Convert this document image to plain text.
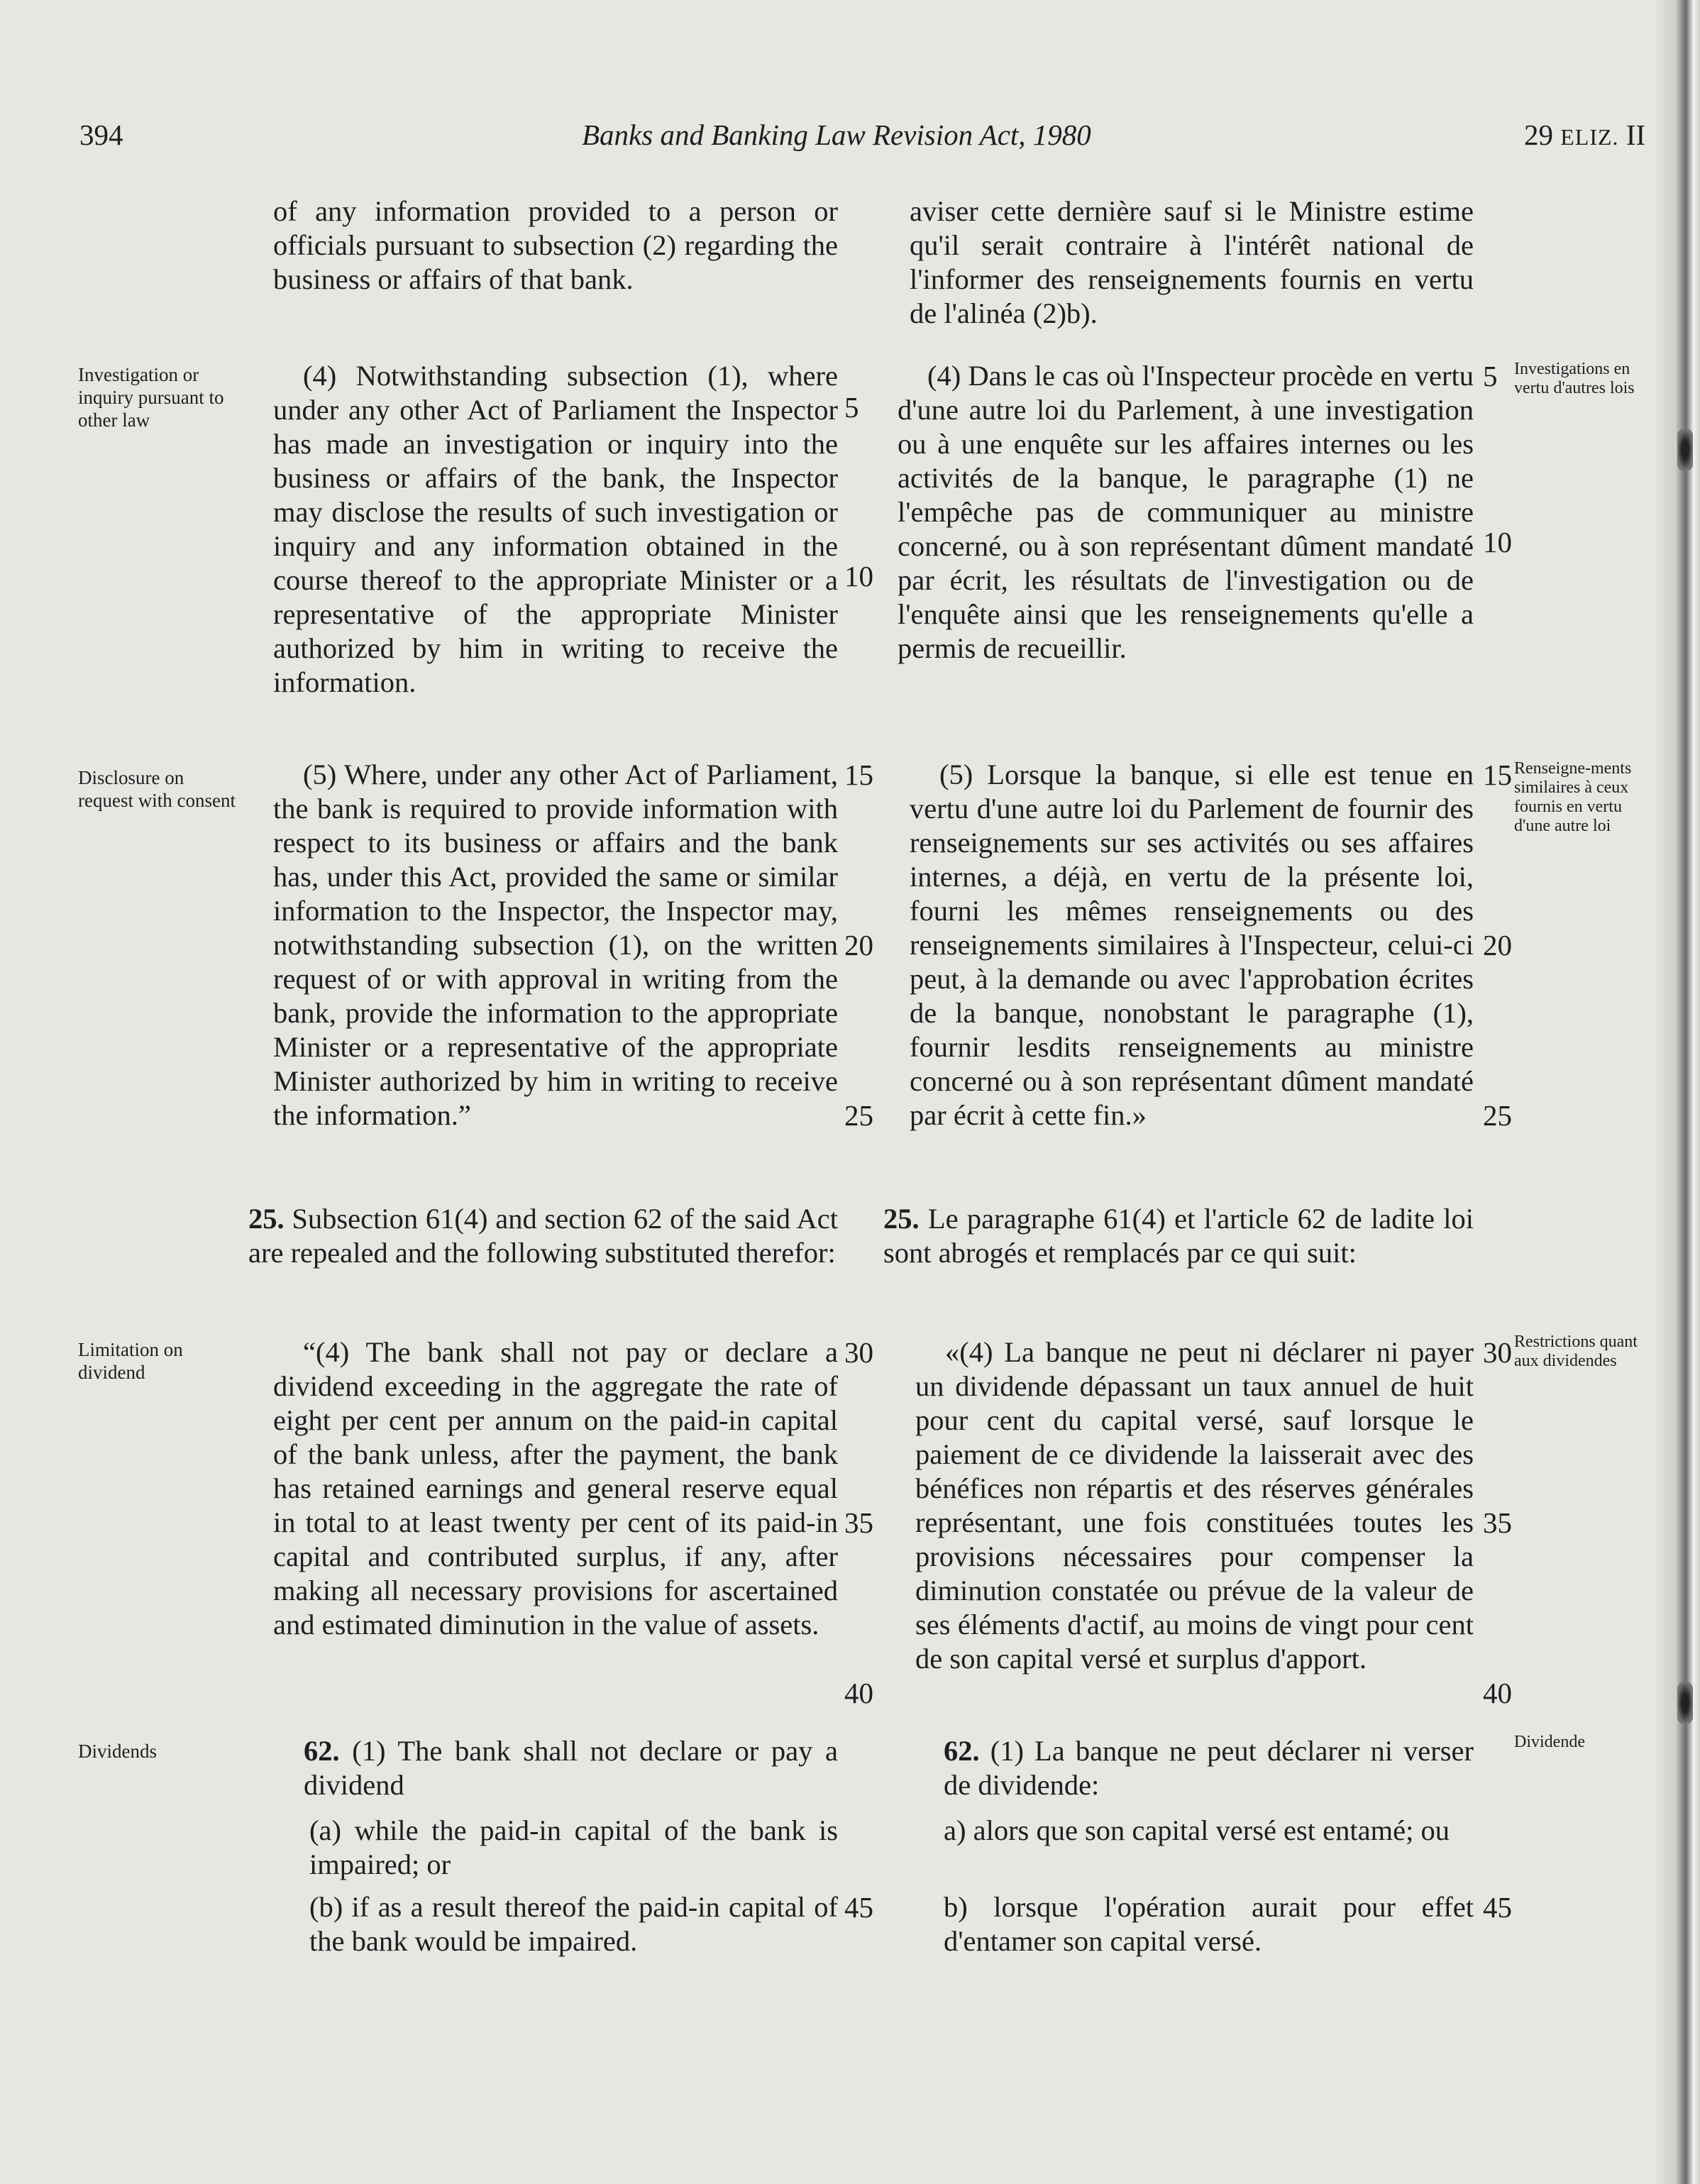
394	Banks and Banking Law Revision Act, 1980	29 ELIZ. II
Investigation or inquiry pursuant to other law
Disclosure on request with consent
Limitation on dividend
Dividends
Investigations en vertu d'autres lois
Renseigne-ments similaires à ceux fournis en vertu d'une autre loi
Restrictions quant aux dividendes
Dividende
of any information provided to a person or officials pursuant to subsection (2) regarding the business or affairs of that bank.
(4) Notwithstanding subsection (1), where under any other Act of Parliament the Inspector has made an investigation or inquiry into the business or affairs of the bank, the Inspector may disclose the results of such investigation or inquiry and any information obtained in the course thereof to the appropriate Minister or a representative of the appropriate Minister authorized by him in writing to receive the information.
(5) Where, under any other Act of Parliament, the bank is required to provide information with respect to its business or affairs and the bank has, under this Act, provided the same or similar information to the Inspector, the Inspector may, notwithstanding subsection (1), on the written request of or with approval in writing from the bank, provide the information to the appropriate Minister or a representative of the appropriate Minister authorized by him in writing to receive the information.”
25. Subsection 61(4) and section 62 of the said Act are repealed and the following substituted therefor:
“(4) The bank shall not pay or declare a dividend exceeding in the aggregate the rate of eight per cent per annum on the paid-in capital of the bank unless, after the payment, the bank has retained earnings and general reserve equal in total to at least twenty per cent of its paid-in capital and contributed surplus, if any, after making all necessary provisions for ascertained and estimated diminution in the value of assets.
62. (1) The bank shall not declare or pay a dividend
(a) while the paid-in capital of the bank is impaired; or
(b) if as a result thereof the paid-in capital of the bank would be impaired.
aviser cette dernière sauf si le Ministre estime qu'il serait contraire à l'intérêt national de l'informer des renseignements fournis en vertu de l'alinéa (2)b).
(4) Dans le cas où l'Inspecteur procède en vertu d'une autre loi du Parlement, à une investigation ou à une enquête sur les affaires internes ou les activités de la banque, le paragraphe (1) ne l'empêche pas de communiquer au ministre concerné, ou à son représentant dûment mandaté par écrit, les résultats de l'investigation ou de l'enquête ainsi que les renseignements qu'elle a permis de recueillir.
(5) Lorsque la banque, si elle est tenue en vertu d'une autre loi du Parlement de fournir des renseignements sur ses activités ou ses affaires internes, a déjà, en vertu de la présente loi, fourni les mêmes renseignements ou des renseignements similaires à l'Inspecteur, celui-ci peut, à la demande ou avec l'approbation écrites de la banque, nonobstant le paragraphe (1), fournir lesdits renseignements au ministre concerné ou à son représentant dûment mandaté par écrit à cette fin.»
25. Le paragraphe 61(4) et l'article 62 de ladite loi sont abrogés et remplacés par ce qui suit:
«(4) La banque ne peut ni déclarer ni payer un dividende dépassant un taux annuel de huit pour cent du capital versé, sauf lorsque le paiement de ce dividende la laisserait avec des bénéfices non répartis et des réserves générales représentant, une fois constituées toutes les provisions nécessaires pour compenser la diminution constatée ou prévue de la valeur de ses éléments d'actif, au moins de vingt pour cent de son capital versé et surplus d'apport.
62. (1) La banque ne peut déclarer ni verser de dividende:
a) alors que son capital versé est entamé; ou
b) lorsque l'opération aurait pour effet d'entamer son capital versé.
5
10
15
20
25
30
35
40
45
5
10
15
20
25
30
35
40
45
